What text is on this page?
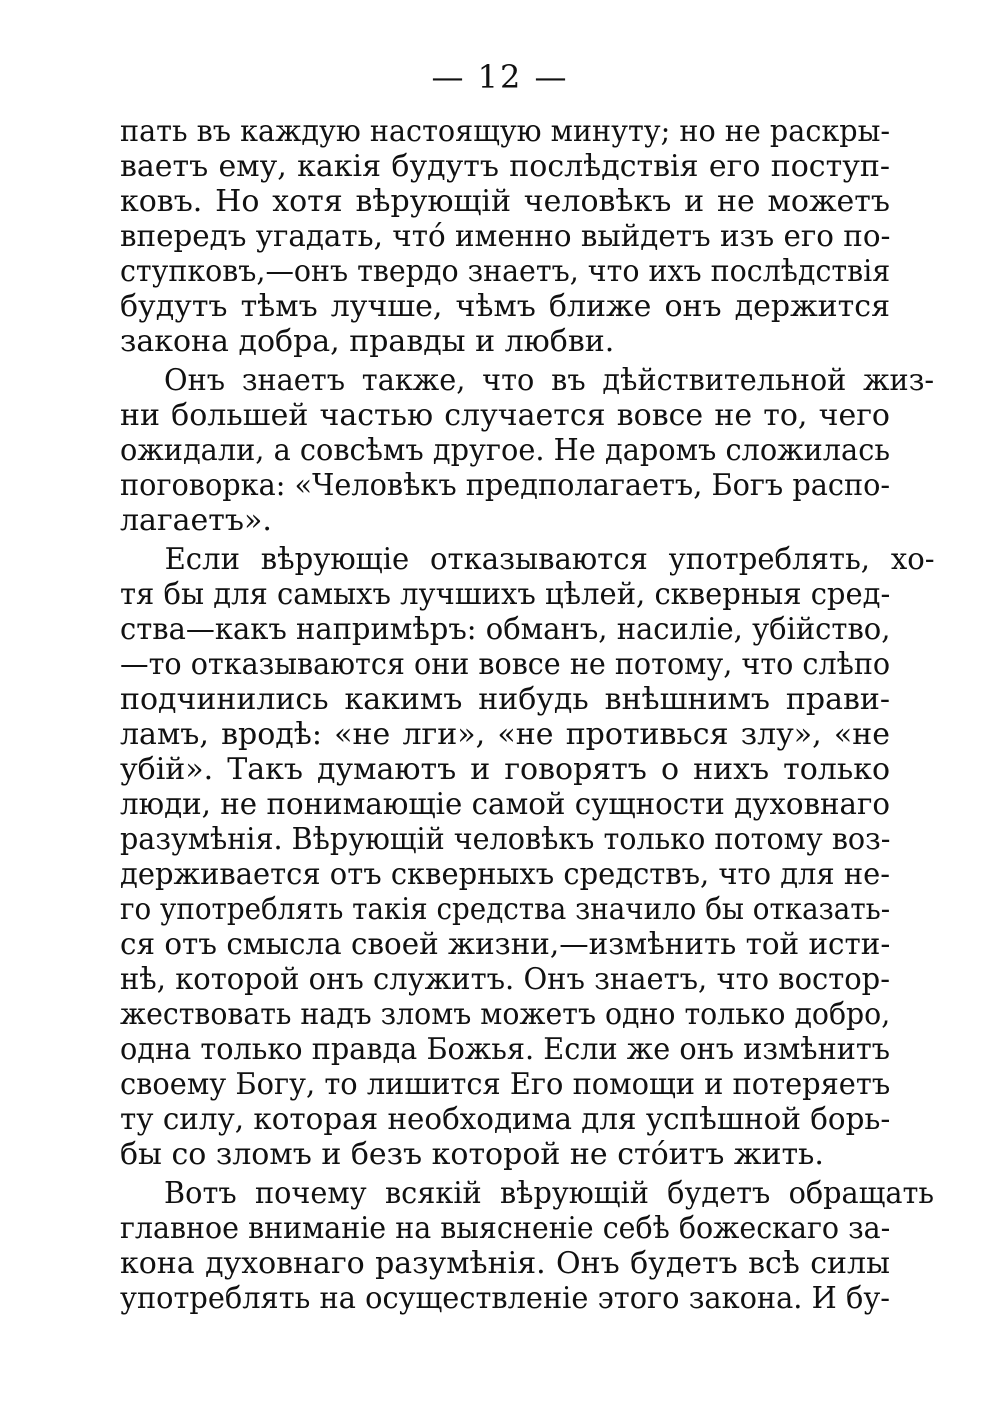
— 12 —
пать въ каждую настоящую минуту; но не раскры-
ваетъ ему, какія будутъ послѣдствія его поступ-
ковъ. Но хотя вѣрующій человѣкъ и не можетъ
впередъ угадать, что́ именно выйдетъ изъ его по-
ступковъ,—онъ твердо знаетъ, что ихъ послѣдствія
будутъ тѣмъ лучше, чѣмъ ближе онъ держится
закона добра, правды и любви.
Онъ знаетъ также, что въ дѣйствительной жиз-
ни большей частью случается вовсе не то, чего
ожидали, а совсѣмъ другое. Не даромъ сложилась
поговорка: «Человѣкъ предполагаетъ, Богъ распо-
лагаетъ».
Если вѣрующіе отказываются употреблять, хо-
тя бы для самыхъ лучшихъ цѣлей, скверныя сред-
ства—какъ напримѣръ: обманъ, насиліе, убійство,
—то отказываются они вовсе не потому, что слѣпо
подчинились какимъ нибудь внѣшнимъ прави-
ламъ, вродѣ: «не лги», «не противься злу», «не
убій». Такъ думаютъ и говорятъ о нихъ только
люди, не понимающіе самой сущности духовнаго
разумѣнія. Вѣрующій человѣкъ только потому воз-
держивается отъ скверныхъ средствъ, что для не-
го употреблять такія средства значило бы отказать-
ся отъ смысла своей жизни,—измѣнить той исти-
нѣ, которой онъ служитъ. Онъ знаетъ, что востор-
жествовать надъ зломъ можетъ одно только добро,
одна только правда Божья. Если же онъ измѣнитъ
своему Богу, то лишится Его помощи и потеряетъ
ту силу, которая необходима для успѣшной борь-
бы со зломъ и безъ которой не сто́итъ жить.
Вотъ почему всякій вѣрующій будетъ обращать
главное вниманіе на выясненіе себѣ божескаго за-
кона духовнаго разумѣнія. Онъ будетъ всѣ силы
употреблять на осуществленіе этого закона. И бу-
